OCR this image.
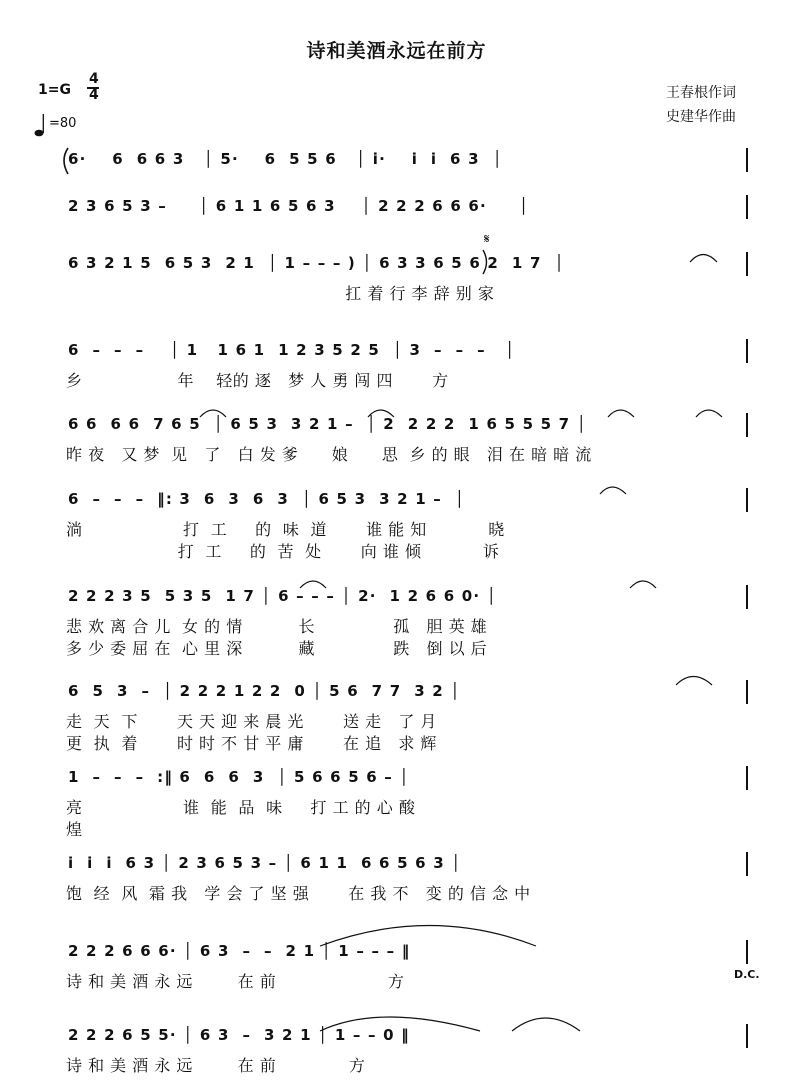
诗和美酒永远在前方
1=G
4
4
=80
王春根作词
史建华作曲
6·    6  6 6 3   │ 5·    6  5 5 6   │ i·    i  i  6 3  │
2 3 6 5 3 –     │ 6 1 1 6 5 6 3    │ 2 2 2 6 6 6·     │
6 3 2 1 5  6 5 3  2 1  │ 1 – – – ) │ 6 3 3 6 5 6 2  1 7  │
扛 着 行 李 辞 别 家
6  –  –  –    │ 1   1 6 1  1 2 3 5 2 5  │ 3  –  –  –   │
乡                 年    轻的 逐   梦 人 勇 闯 四       方
6 6  6 6  7 6 5  │ 6 5 3  3 2 1 –  │ 2  2 2 2  1 6 5 5 5 7 │
昨 夜   又 梦  见   了   白 发 爹      娘      思  乡 的 眼   泪 在 暗 暗 流
6  –  –  –  ‖: 3  6  3  6  3  │ 6 5 3  3 2 1 –  │
淌                  打  工     的  味  道       谁 能 知           晓
打  工     的  苦  处       向 谁 倾           诉
2 2 2 3 5  5 3 5  1 7 │ 6 – – – │ 2·  1 2 6 6 0· │
悲 欢 离 合 儿  女 的 情          长              孤   胆 英 雄
多 少 委 屈 在  心 里 深          藏              跌   倒 以 后
6  5  3  –  │ 2 2 2 1 2 2  0 │ 5 6  7 7  3 2 │
走  天  下       天 天 迎 来 晨 光       送 走   了 月
更  执  着       时 时 不 甘 平 庸       在 追   求 辉
1  –  –  –  :‖ 6  6  6  3  │ 5 6 6 5 6 – │
亮                  谁  能  品  味     打 工 的 心 酸
煌
i  i  i  6 3 │ 2 3 6 5 3 – │ 6 1 1  6 6 5 6 3 │
饱  经  风  霜 我   学 会 了 坚 强       在 我 不   变 的 信 念 中
2 2 2 6 6 6· │ 6 3  –  –  2 1 │ 1 – – – ‖
诗 和 美 酒 永 远        在 前                    方
2 2 2 6 5 5· │ 6 3  –  3 2 1 │ 1 – – 0 ‖
诗 和 美 酒 永 远        在 前             方
D.C.
𝄋
